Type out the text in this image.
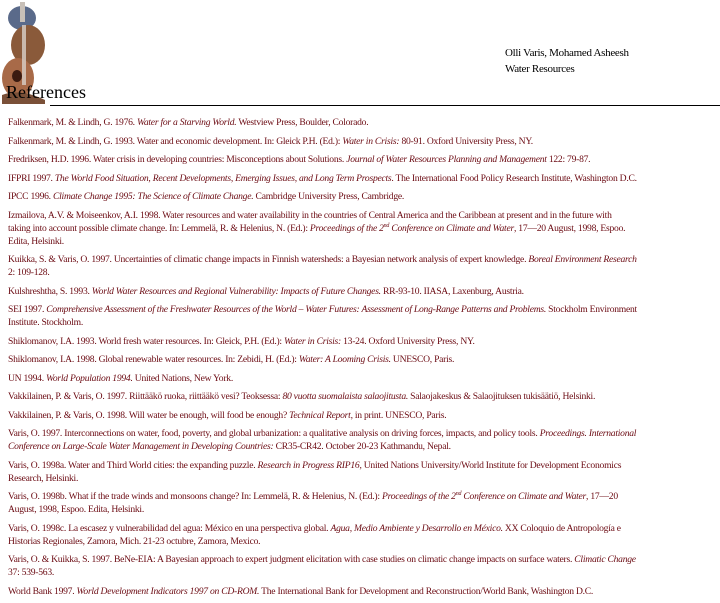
Olli Varis, Mohamed Asheesh
Water Resources
References
Falkenmark, M. & Lindh, G. 1976. Water for a Starving World. Westview Press, Boulder, Colorado.
Falkenmark, M. & Lindh, G. 1993. Water and economic development. In: Gleick P.H. (Ed.): Water in Crisis: 80-91. Oxford University Press, NY.
Fredriksen, H.D. 1996. Water crisis in developing countries: Misconceptions about Solutions. Journal of Water Resources Planning and Management 122: 79-87.
IFPRI 1997. The World Food Situation, Recent Developments, Emerging Issues, and Long Term Prospects. The International Food Policy Research Institute, Washington D.C.
IPCC 1996. Climate Change 1995: The Science of Climate Change. Cambridge University Press, Cambridge.
Izmailova, A.V. & Moiseenkov, A.I. 1998. Water resources and water availability in the countries of Central America and the Caribbean at present and in the future with
taking into account possible climate change. In: Lemmelä, R. & Helenius, N. (Ed.): Proceedings of the 2nd Conference on Climate and Water, 17—20 August, 1998, Espoo.
Edita, Helsinki.
Kuikka, S. & Varis, O. 1997. Uncertainties of climatic change impacts in Finnish watersheds: a Bayesian network analysis of expert knowledge. Boreal Environment Research
2: 109-128.
Kulshreshtha, S. 1993. World Water Resources and Regional Vulnerability: Impacts of Future Changes. RR-93-10. IIASA, Laxenburg, Austria.
SEI 1997. Comprehensive Assessment of the Freshwater Resources of the World – Water Futures: Assessment of Long-Range Patterns and Problems. Stockholm Environment
Institute. Stockholm.
Shiklomanov, I.A. 1993. World fresh water resources. In: Gleick, P.H. (Ed.): Water in Crisis: 13-24. Oxford University Press, NY.
Shiklomanov, I.A. 1998. Global renewable water resources. In: Zebidi, H. (Ed.): Water: A Looming Crisis. UNESCO, Paris.
UN 1994. World Population 1994. United Nations, New York.
Vakkilainen, P. & Varis, O. 1997. Riittääkö ruoka, riittääkö vesi? Teoksessa: 80 vuotta suomalaista salaojitusta. Salaojakeskus & Salaojituksen tukisäätiö, Helsinki.
Vakkilainen, P. & Varis, O. 1998. Will water be enough, will food be enough? Technical Report, in print. UNESCO, Paris.
Varis, O. 1997. Interconnections on water, food, poverty, and global urbanization: a qualitative analysis on driving forces, impacts, and policy tools. Proceedings. International
Conference on Large-Scale Water Management in Developing Countries: CR35-CR42. October 20-23 Kathmandu, Nepal.
Varis, O. 1998a. Water and Third World cities: the expanding puzzle. Research in Progress RIP16, United Nations University/World Institute for Development Economics
Research, Helsinki.
Varis, O. 1998b. What if the trade winds and monsoons change? In: Lemmelä, R. & Helenius, N. (Ed.): Proceedings of the 2nd Conference on Climate and Water, 17—20
August, 1998, Espoo. Edita, Helsinki.
Varis, O. 1998c. La escasez y vulnerabilidad del agua: México en una perspectiva global. Agua, Medio Ambiente y Desarrollo en México. XX Coloquio de Antropología e
Historias Regionales, Zamora, Mich. 21-23 octubre, Zamora, Mexico.
Varis, O. & Kuikka, S. 1997. BeNe-EIA: A Bayesian approach to expert judgment elicitation with case studies on climatic change impacts on surface waters. Climatic Change
37: 539-563.
World Bank 1997. World Development Indicators 1997 on CD-ROM. The International Bank for Development and Reconstruction/World Bank, Washington D.C.
